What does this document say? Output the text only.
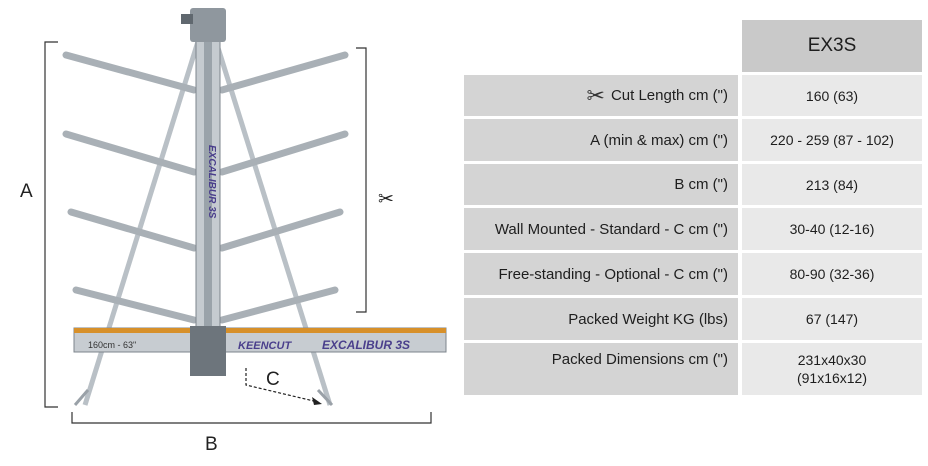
A	✂
B
EXCALIBUR 3S
160cm - 63"	KEENCUT	EXCALIBUR 3S
C
EX3S
✂ Cut Length cm (")	160 (63)
A (min & max) cm (")	220 - 259 (87 - 102)
B cm (")	213 (84)
Wall Mounted - Standard - C cm (")	30-40 (12-16)
Free-standing - Optional - C cm (")	80-90 (32-36)
Packed Weight KG (lbs)	67 (147)
Packed Dimensions cm (")	231x40x30
(91x16x12)
